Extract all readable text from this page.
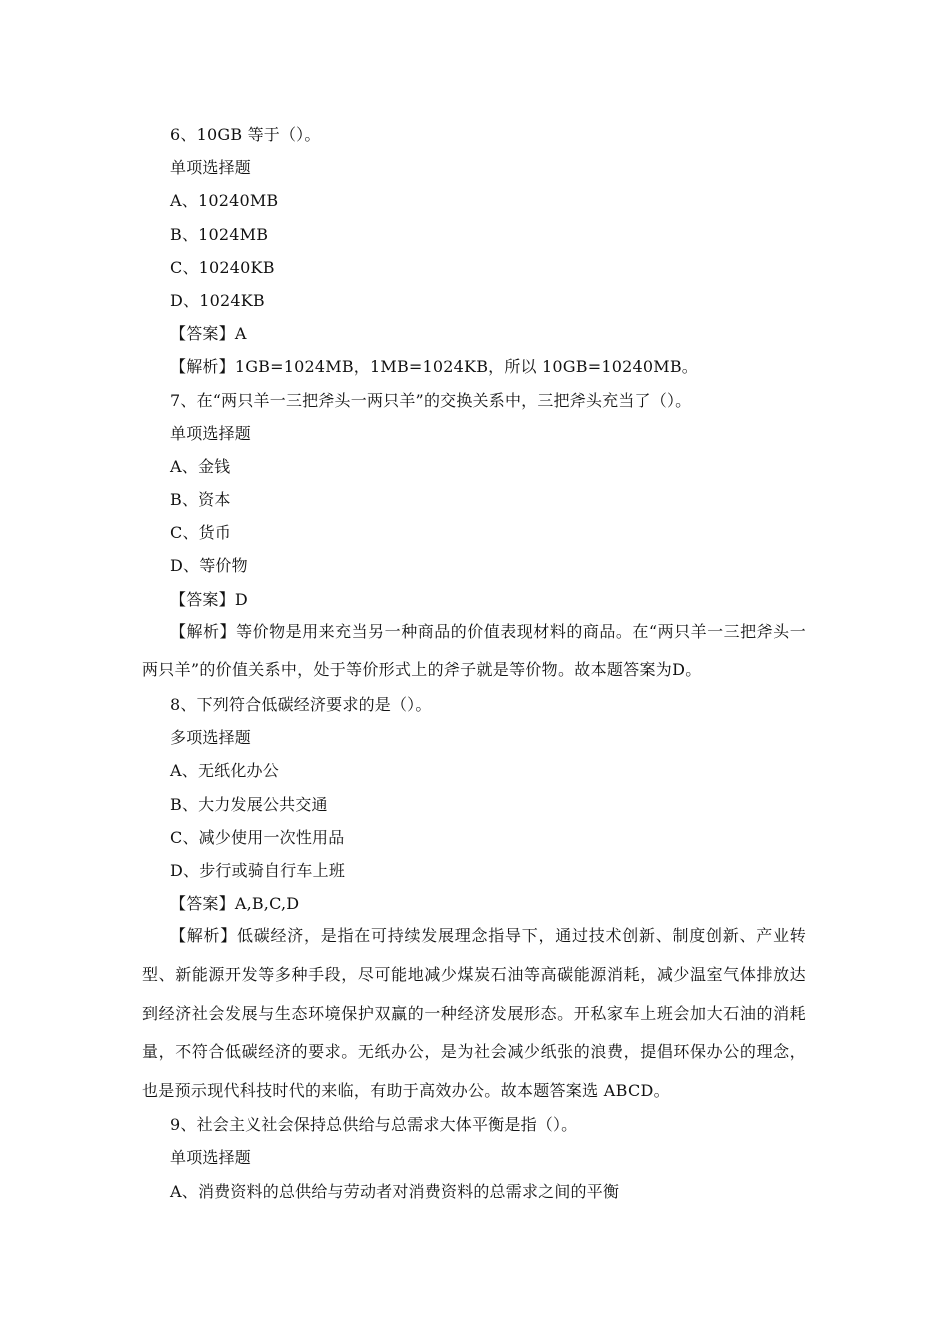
6、10GB 等于（）。
单项选择题
A、10240MB
B、1024MB
C、10240KB
D、1024KB
【答案】A
【解析】1GB=1024MB，1MB=1024KB，所以 10GB=10240MB。
7、在“两只羊一三把斧头一两只羊”的交换关系中，三把斧头充当了（）。
单项选择题
A、金钱
B、资本
C、货币
D、等价物
【答案】D
【解析】等价物是用来充当另一种商品的价值表现材料的商品。在“两只羊一三把斧头一两只羊”的价值关系中，处于等价形式上的斧子就是等价物。故本题答案为D。
8、下列符合低碳经济要求的是（）。
多项选择题
A、无纸化办公
B、大力发展公共交通
C、减少使用一次性用品
D、步行或骑自行车上班
【答案】A,B,C,D
【解析】低碳经济，是指在可持续发展理念指导下，通过技术创新、制度创新、产业转型、新能源开发等多种手段，尽可能地减少煤炭石油等高碳能源消耗，减少温室气体排放达到经济社会发展与生态环境保护双赢的一种经济发展形态。开私家车上班会加大石油的消耗量，不符合低碳经济的要求。无纸办公，是为社会减少纸张的浪费，提倡环保办公的理念，也是预示现代科技时代的来临，有助于高效办公。故本题答案选 ABCD。
9、社会主义社会保持总供给与总需求大体平衡是指（）。
单项选择题
A、消费资料的总供给与劳动者对消费资料的总需求之间的平衡
